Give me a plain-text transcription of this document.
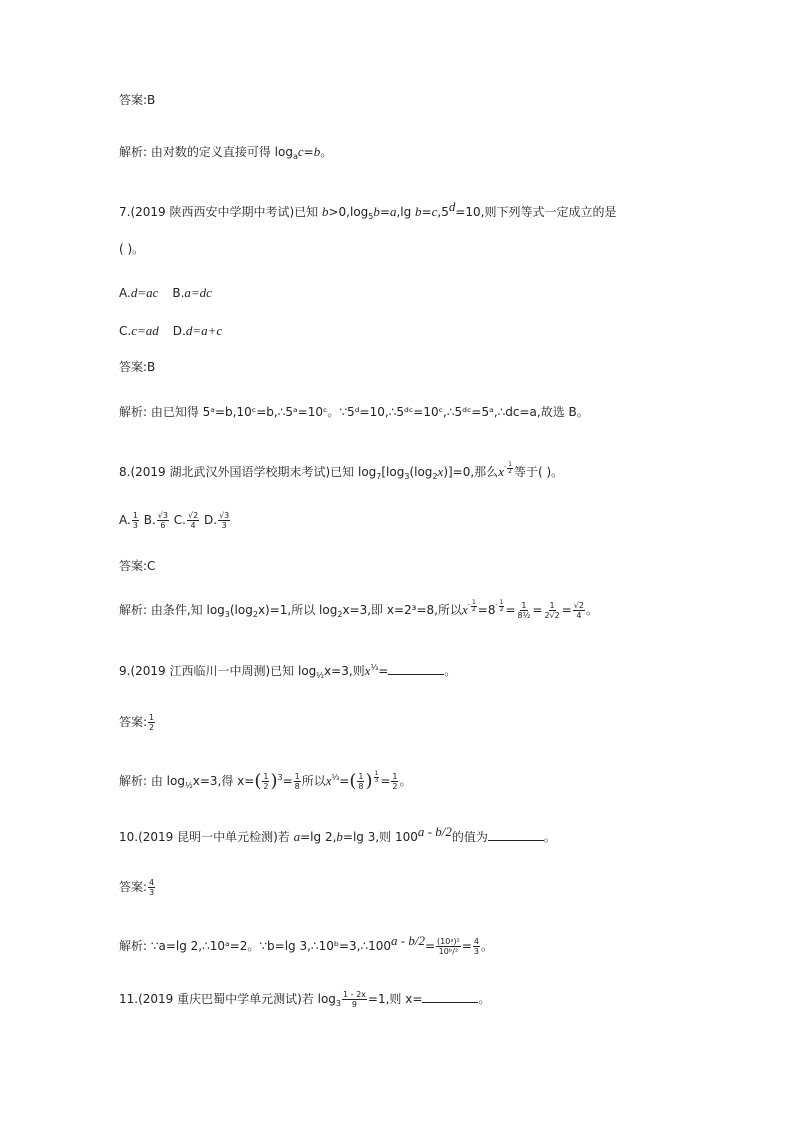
答案:B
解析: 由对数的定义直接可得 $\log_ac=b$。
7.(2019 陕西西安中学期中考试)已知 $b>0,\log_5b=a,\lg$ b=c,5$^d$=10,则下列等式一定成立的是
( )。
A.d=ac B.a=dc
C.c=ad D.d=a+c
答案:B
解析: 由已知得 5ᵃ=b,10ᶜ=b,∴5ᵃ=10ᶜ。∵5ᵈ=10,∴5ᵈᶜ=10ᶜ,∴5ᵈᶜ=5ᵃ,∴dc=a,故选 B。
8.(2019 湖北武汉外国语学校期末考试)已知 $\log_7[\log_3(\log_2x)]=0$,那么$x^- \frac{1}{2}$ 等于( )。
A. $\frac{1}{3} B$. $\frac{√3}{6} C$. $\frac{√2}{4} D$. $\frac{√3}{3}$
答案:C
解析: 由条件,知 $\log_3(\log_2x)=1$,所以 $\log_2x=3$,即 x=2³=8,所以$x^- \frac{1}{2} =8^- \frac{1}{2} = \frac{1}{\text{8½}} = \frac{1}{2√2} = \frac{√2}{4}$ 。
9.(2019 江西临川一中周测)已知 $\log_{\frac{1}{2}}x=3$,则$x^{\frac{1}{3}}=$	。
答案: $\frac{1}{2}$
解析: 由 $\log_{\frac{1}{2}}x=3$,得 $x=( \frac{1}{2} )^3= \frac{1}{8}$ 所以$x^{\frac{1}{3}}=( \frac{1}{8}$ ) $\frac{1}{3} = \frac{1}{2}$ 。
10.(2019 昆明一中单元检测)若 a=lg 2,b=lg 3,则 $100^{a - b/2}$的值为	。
答案: $\frac{4}{3}$
解析: ∵a=lg 2,∴10ᵃ=2。∵b=lg $3,\therefore 10ᵇ=3,\therefore 100^{a - b/2}= \frac{\text{(10ᵃ)²}}{\text{10ᵇ/²}} = \frac{4}{3}$ 。
11.(2019 重庆巴蜀中学单元测试)若 $\log_3 \frac{1 - 2x}{9} =1$,则 x=	。
